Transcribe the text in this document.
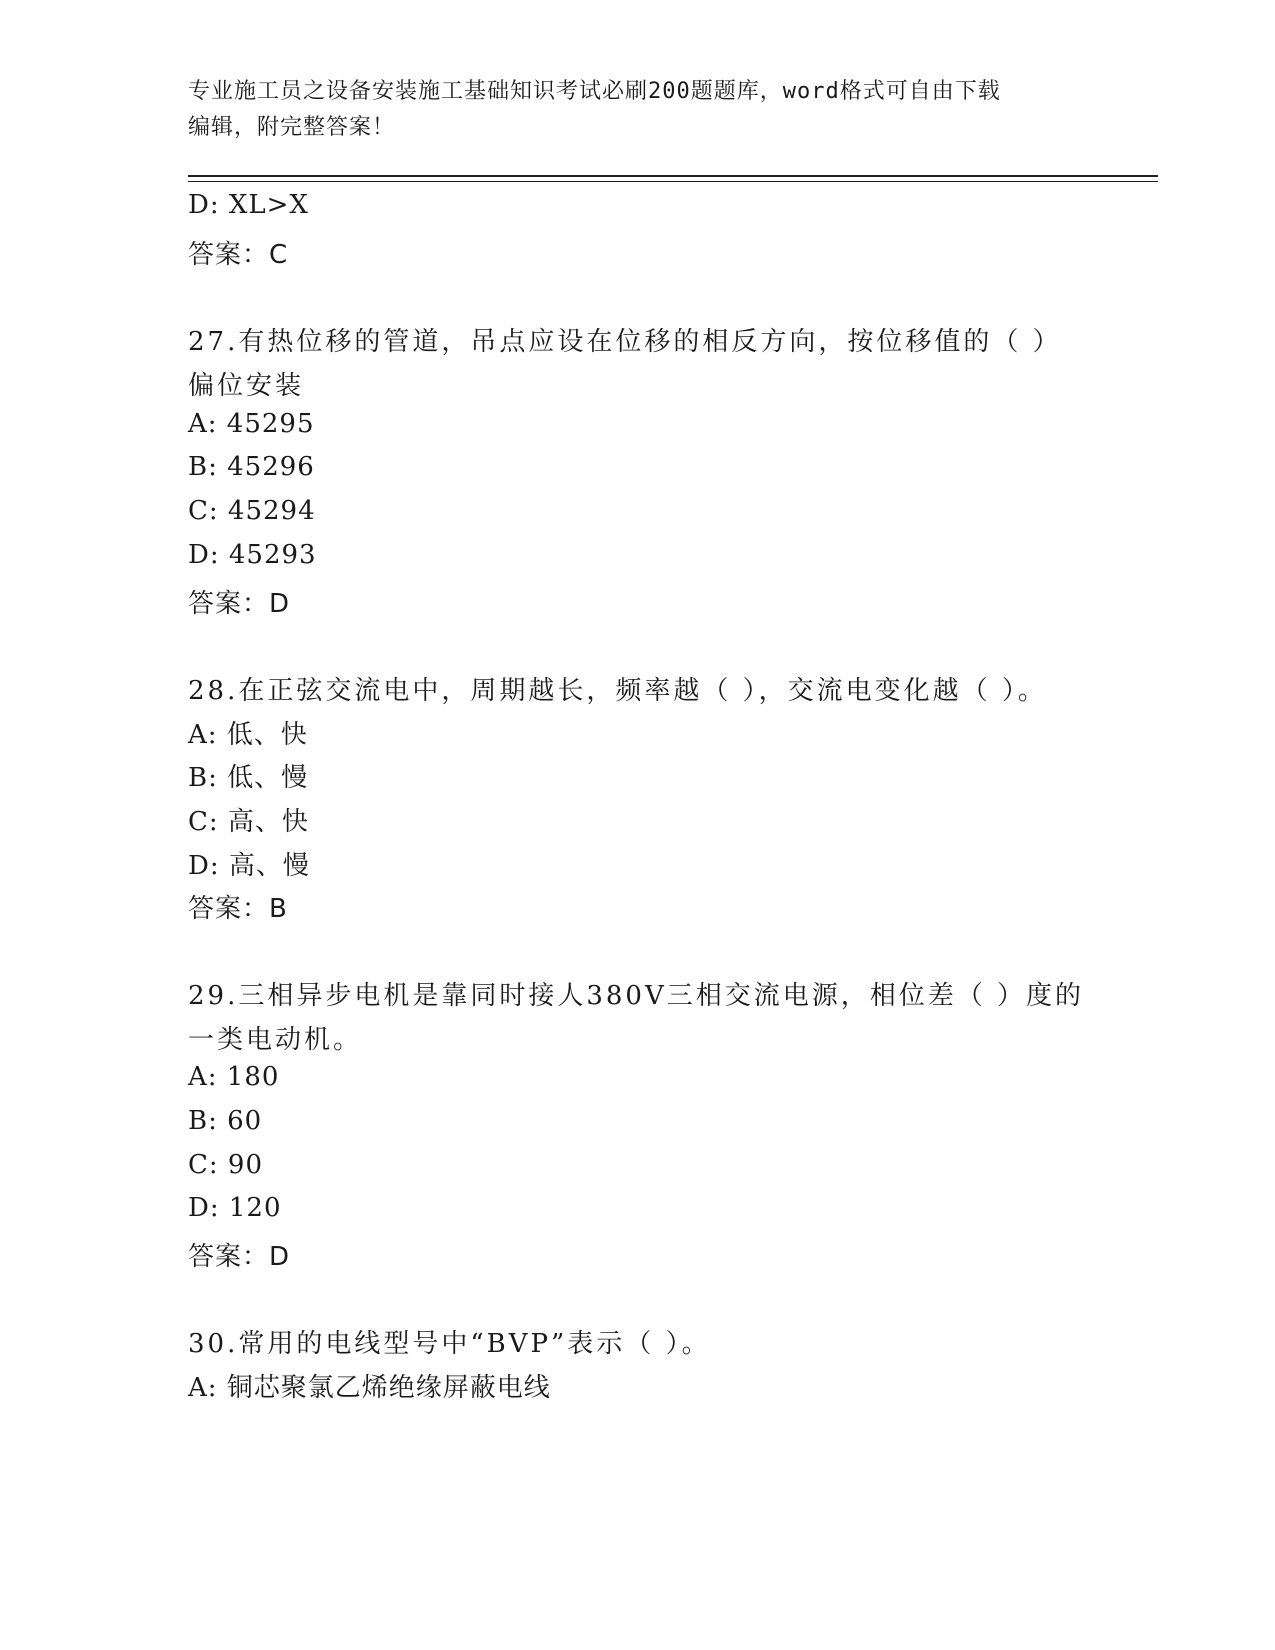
专业施工员之设备安装施工基础知识考试必刷200题题库，word格式可自由下载
编辑，附完整答案！
D: XL>X
答案：C
27.有热位移的管道，吊点应设在位移的相反方向，按位移值的（ ）
偏位安装
A: 45295
B: 45296
C: 45294
D: 45293
答案：D
28.在正弦交流电中，周期越长，频率越（ ），交流电变化越（ ）。
A: 低、快
B: 低、慢
C: 高、快
D: 高、慢
答案：B
29.三相异步电机是靠同时接人380V三相交流电源，相位差（ ）度的
一类电动机。
A: 180
B: 60
C: 90
D: 120
答案：D
30.常用的电线型号中“BVP”表示（ ）。
A: 铜芯聚氯乙烯绝缘屏蔽电线
